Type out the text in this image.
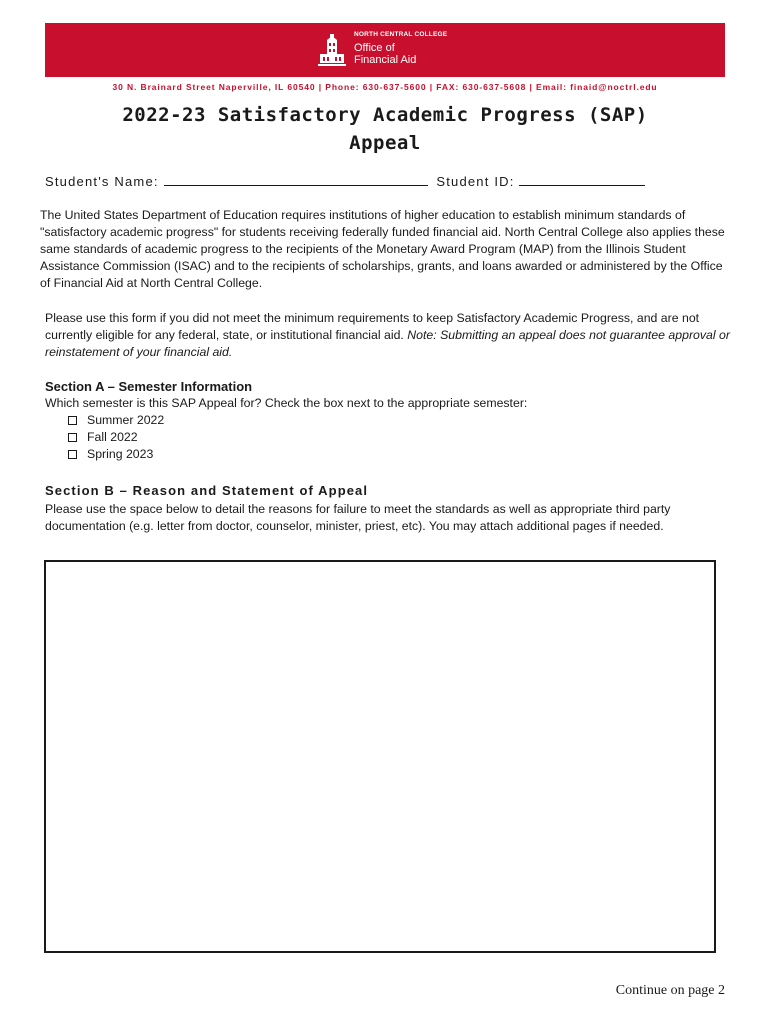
NORTH CENTRAL COLLEGE
Office of
Financial Aid
30 N. Brainard Street Naperville, IL 60540 | Phone: 630-637-5600 | FAX: 630-637-5608 | Email: finaid@noctrl.edu
2022-23 Satisfactory Academic Progress (SAP)
Appeal
Student's Name:	Student ID:

The United States Department of Education requires institutions of higher education to establish minimum standards of "satisfactory academic progress" for students receiving federally funded financial aid. North Central College also applies these same standards of academic progress to the recipients of the Monetary Award Program (MAP) from the Illinois Student Assistance Commission (ISAC) and to the recipients of scholarships, grants, and loans awarded or administered by the Office of Financial Aid at North Central College.

Please use this form if you did not meet the minimum requirements to keep Satisfactory Academic Progress, and are not currently eligible for any federal, state, or institutional financial aid. Note: Submitting an appeal does not guarantee approval or reinstatement of your financial aid.

Section A – Semester Information
Which semester is this SAP Appeal for? Check the box next to the appropriate semester:
Summer 2022
Fall 2022
Spring 2023
Section B – Reason and Statement of Appeal
Please use the space below to detail the reasons for failure to meet the standards as well as appropriate third party documentation (e.g. letter from doctor, counselor, minister, priest, etc). You may attach additional pages if needed.
Continue on page 2
